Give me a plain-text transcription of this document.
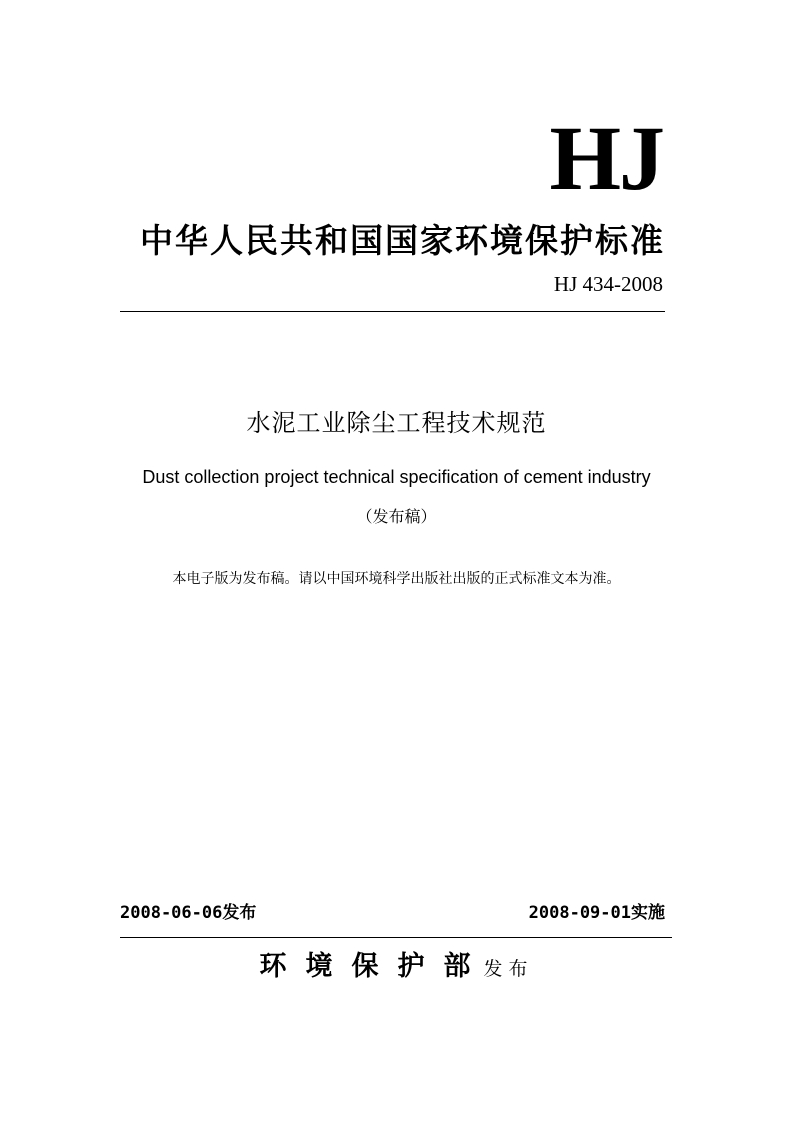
HJ
中华人民共和国国家环境保护标准
HJ 434-2008
水泥工业除尘工程技术规范
Dust collection project technical specification of cement industry
（发布稿）
本电子版为发布稿。请以中国环境科学出版社出版的正式标准文本为准。
2008-06-06发布	2008-09-01实施
环境保护部发布
